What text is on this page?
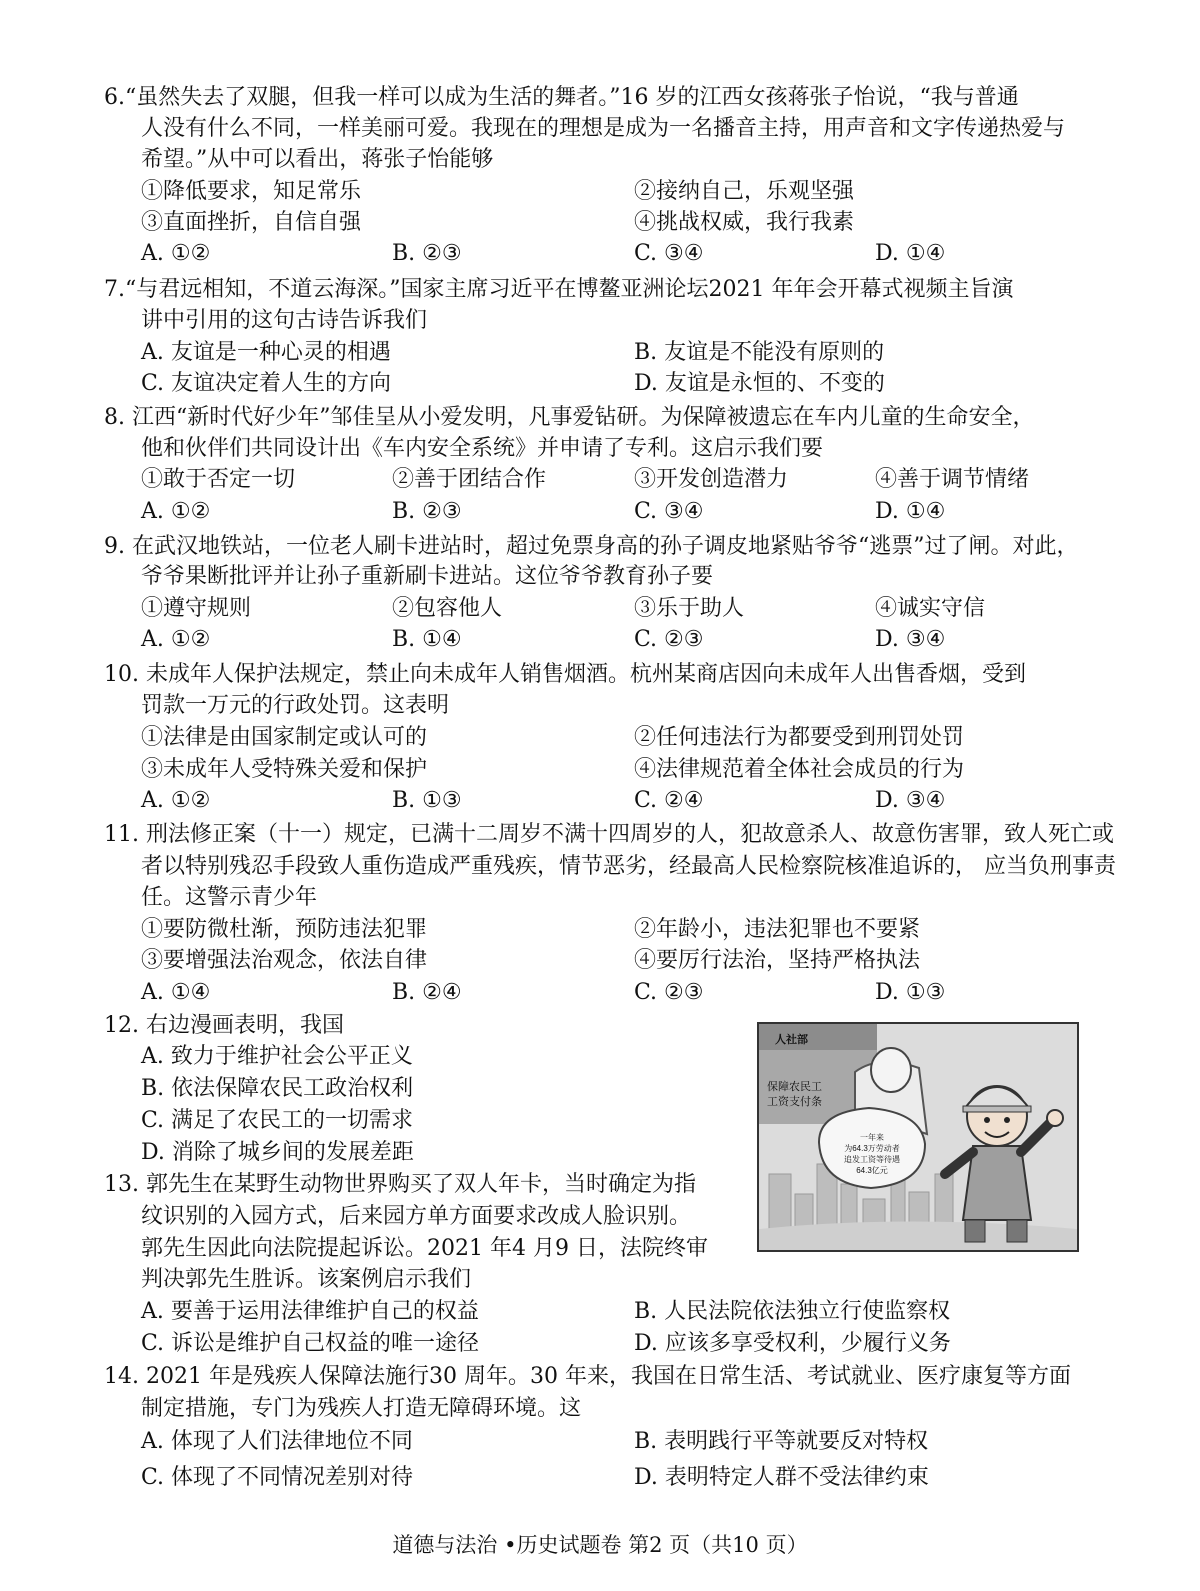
6.“虽然失去了双腿，但我一样可以成为生活的舞者。”16 岁的江西女孩蒋张子怡说，“我与普通
人没有什么不同，一样美丽可爱。我现在的理想是成为一名播音主持，用声音和文字传递热爱与
希望。”从中可以看出，蒋张子怡能够
①降低要求，知足常乐	②接纳自己，乐观坚强
③直面挫折，自信自强	④挑战权威，我行我素
A. ①②	B. ②③	C. ③④	D. ①④
7.“与君远相知，不道云海深。”国家主席习近平在博鳌亚洲论坛2021 年年会开幕式视频主旨演
讲中引用的这句古诗告诉我们
A. 友谊是一种心灵的相遇	B. 友谊是不能没有原则的
C. 友谊决定着人生的方向	D. 友谊是永恒的、不变的
8. 江西“新时代好少年”邹佳呈从小爱发明，凡事爱钻研。为保障被遗忘在车内儿童的生命安全，
他和伙伴们共同设计出《车内安全系统》并申请了专利。这启示我们要
①敢于否定一切	②善于团结合作	③开发创造潜力	④善于调节情绪
A. ①②	B. ②③	C. ③④	D. ①④
9. 在武汉地铁站，一位老人刷卡进站时，超过免票身高的孙子调皮地紧贴爷爷“逃票”过了闸。对此，
爷爷果断批评并让孙子重新刷卡进站。这位爷爷教育孙子要
①遵守规则	②包容他人	③乐于助人	④诚实守信
A. ①②	B. ①④	C. ②③	D. ③④
10. 未成年人保护法规定，禁止向未成年人销售烟酒。杭州某商店因向未成年人出售香烟，受到
罚款一万元的行政处罚。这表明
①法律是由国家制定或认可的	②任何违法行为都要受到刑罚处罚
③未成年人受特殊关爱和保护	④法律规范着全体社会成员的行为
A. ①②	B. ①③	C. ②④	D. ③④
11. 刑法修正案（十一）规定，已满十二周岁不满十四周岁的人，犯故意杀人、故意伤害罪，致人死亡或
者以特别残忍手段致人重伤造成严重残疾，情节恶劣，经最高人民检察院核准追诉的， 应当负刑事责
任。这警示青少年
①要防微杜渐，预防违法犯罪	②年龄小，违法犯罪也不要紧
③要增强法治观念，依法自律	④要厉行法治，坚持严格执法
A. ①④	B. ②④	C. ②③	D. ①③
12. 右边漫画表明，我国
A. 致力于维护社会公平正义
B. 依法保障农民工政治权利
C. 满足了农民工的一切需求
D. 消除了城乡间的发展差距
人社部
保障农民工
工资支付条
一年来
为64.3万劳动者
追发工资等待遇
64.3亿元
13. 郭先生在某野生动物世界购买了双人年卡，当时确定为指
纹识别的入园方式，后来园方单方面要求改成人脸识别。
郭先生因此向法院提起诉讼。2021 年4 月9 日，法院终审
判决郭先生胜诉。该案例启示我们
A. 要善于运用法律维护自己的权益	B. 人民法院依法独立行使监察权
C. 诉讼是维护自己权益的唯一途径	D. 应该多享受权利，少履行义务
14. 2021 年是残疾人保障法施行30 周年。30 年来，我国在日常生活、考试就业、医疗康复等方面
制定措施，专门为残疾人打造无障碍环境。这
A. 体现了人们法律地位不同	B. 表明践行平等就要反对特权
C. 体现了不同情况差别对待	D. 表明特定人群不受法律约束
道德与法治 •历史试题卷 第2 页（共10 页）
